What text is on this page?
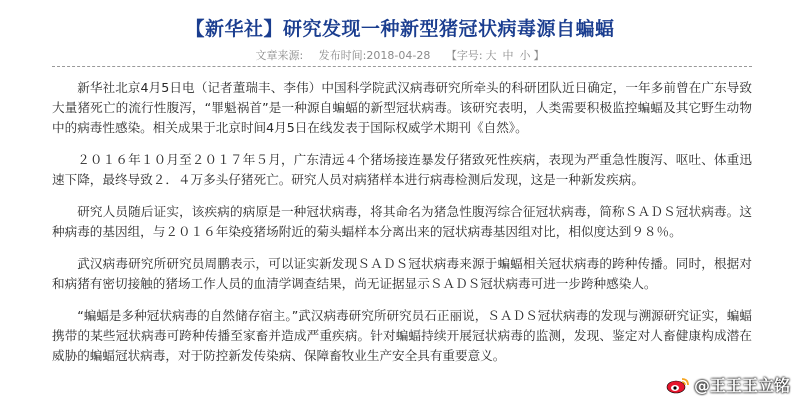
【新华社】研究发现一种新型猪冠状病毒源自蝙蝠
文章来源: 发布时间:2018-04-28 【字号: 大 中 小 】

新华社北京4月5日电（记者董瑞丰、李伟）中国科学院武汉病毒研究所牵头的科研团队近日确定，一年多前曾在广东导致大量猪死亡的流行性腹泻，“罪魁祸首”是一种源自蝙蝠的新型冠状病毒。该研究表明，人类需要积极监控蝙蝠及其它野生动物中的病毒性感染。相关成果于北京时间4月5日在线发表于国际权威学术期刊《自然》。

２０１６年１０月至２０１７年５月，广东清远４个猪场接连暴发仔猪致死性疾病，表现为严重急性腹泻、呕吐、体重迅速下降，最终导致２．４万多头仔猪死亡。研究人员对病猪样本进行病毒检测后发现，这是一种新发疾病。

研究人员随后证实，该疾病的病原是一种冠状病毒，将其命名为猪急性腹泻综合征冠状病毒，简称ＳＡＤＳ冠状病毒。这种病毒的基因组，与２０１６年染疫猪场附近的菊头蝠样本分离出来的冠状病毒基因组对比，相似度达到９８％。

武汉病毒研究所研究员周鹏表示，可以证实新发现ＳＡＤＳ冠状病毒来源于蝙蝠相关冠状病毒的跨种传播。同时，根据对和病猪有密切接触的猪场工作人员的血清学调查结果，尚无证据显示ＳＡＤＳ冠状病毒可进一步跨种感染人。

“蝙蝠是多种冠状病毒的自然储存宿主。”武汉病毒研究所研究员石正丽说，ＳＡＤＳ冠状病毒的发现与溯源研究证实，蝙蝠携带的某些冠状病毒可跨种传播至家畜并造成严重疾病。针对蝙蝠持续开展冠状病毒的监测，发现、鉴定对人畜健康构成潜在威胁的蝙蝠冠状病毒，对于防控新发传染病、保障畜牧业生产安全具有重要意义。

@王王王立铭
